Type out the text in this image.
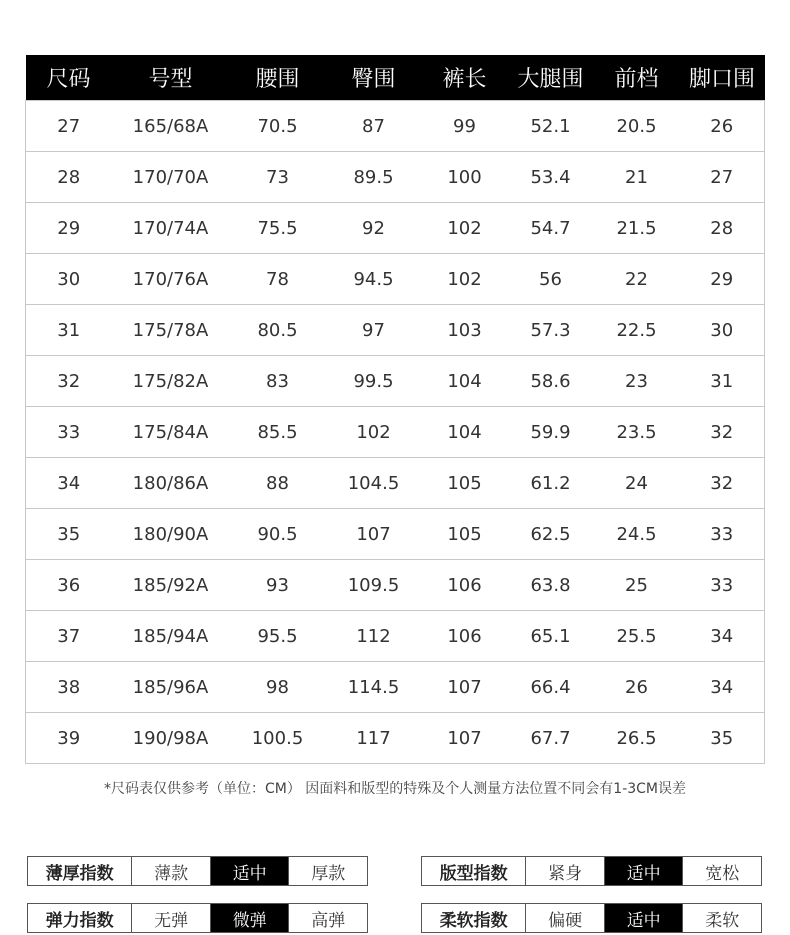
尺码	号型	腰围	臀围	裤长	大腿围	前档	脚口围
27	165/68A	70.5	87	99	52.1	20.5	26
28	170/70A	73	89.5	100	53.4	21	27
29	170/74A	75.5	92	102	54.7	21.5	28
30	170/76A	78	94.5	102	56	22	29
31	175/78A	80.5	97	103	57.3	22.5	30
32	175/82A	83	99.5	104	58.6	23	31
33	175/84A	85.5	102	104	59.9	23.5	32
34	180/86A	88	104.5	105	61.2	24	32
35	180/90A	90.5	107	105	62.5	24.5	33
36	185/92A	93	109.5	106	63.8	25	33
37	185/94A	95.5	112	106	65.1	25.5	34
38	185/96A	98	114.5	107	66.4	26	34
39	190/98A	100.5	117	107	67.7	26.5	35
*尺码表仅供参考（单位：CM） 因面料和版型的特殊及个人测量方法位置不同会有1-3CM误差
薄厚指数	薄款	适中	厚款	版型指数	紧身	适中	宽松
弹力指数	无弹	微弹	高弹	柔软指数	偏硬	适中	柔软
